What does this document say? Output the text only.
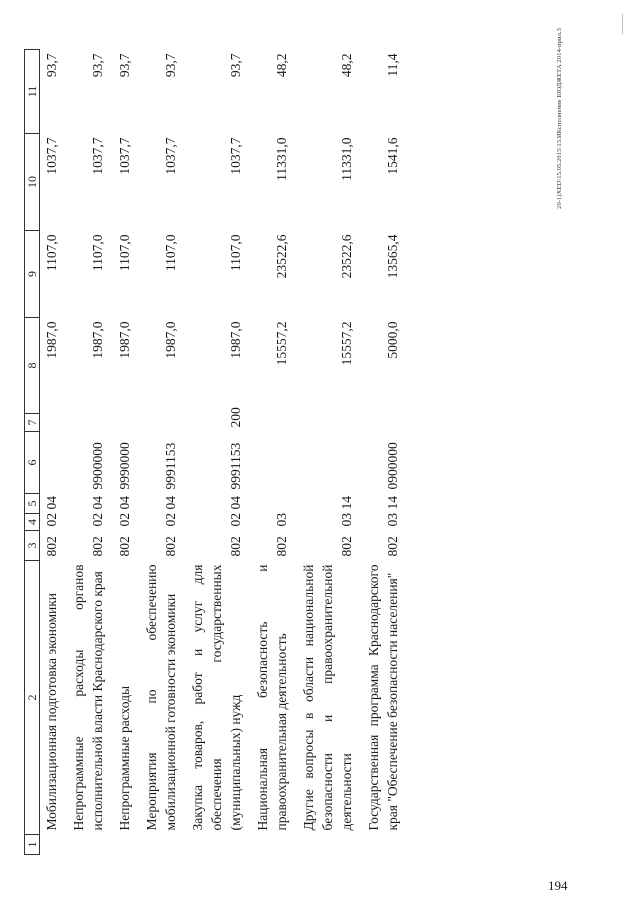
20-1)XED\15.05.2015\13.ИКсполнение БЮДЖЕТА 2014-прил.3
1	2	3	4	5	6	7	8	9	10	11
	Мобилизационная подготовка экономики	802	02	04			1987,0	1107,0	1037,7	93,7
	Непрограммные расходы органов исполнительной власти Краснодарского края	802	02	04	9900000		1987,0	1107,0	1037,7	93,7
	Непрограммные расходы	802	02	04	9990000		1987,0	1107,0	1037,7	93,7
	Мероприятия по обеспечению мобилизационной готовности экономики	802	02	04	9991153		1987,0	1107,0	1037,7	93,7
	Закупка товаров, работ и услуг для обеспечения государственных (муниципальных) нужд	802	02	04	9991153	200	1987,0	1107,0	1037,7	93,7
	Национальная безопасность и правоохранительная деятельность	802	03				15557,2	23522,6	11331,0	48,2
	Другие вопросы в области национальной безопасности и правоохранительной деятельности	802	03	14			15557,2	23522,6	11331,0	48,2
	Государственная программа Краснодарского края "Обеспечение безопасности населения"	802	03	14	0900000		5000,0	13565,4	1541,6	11,4
194
